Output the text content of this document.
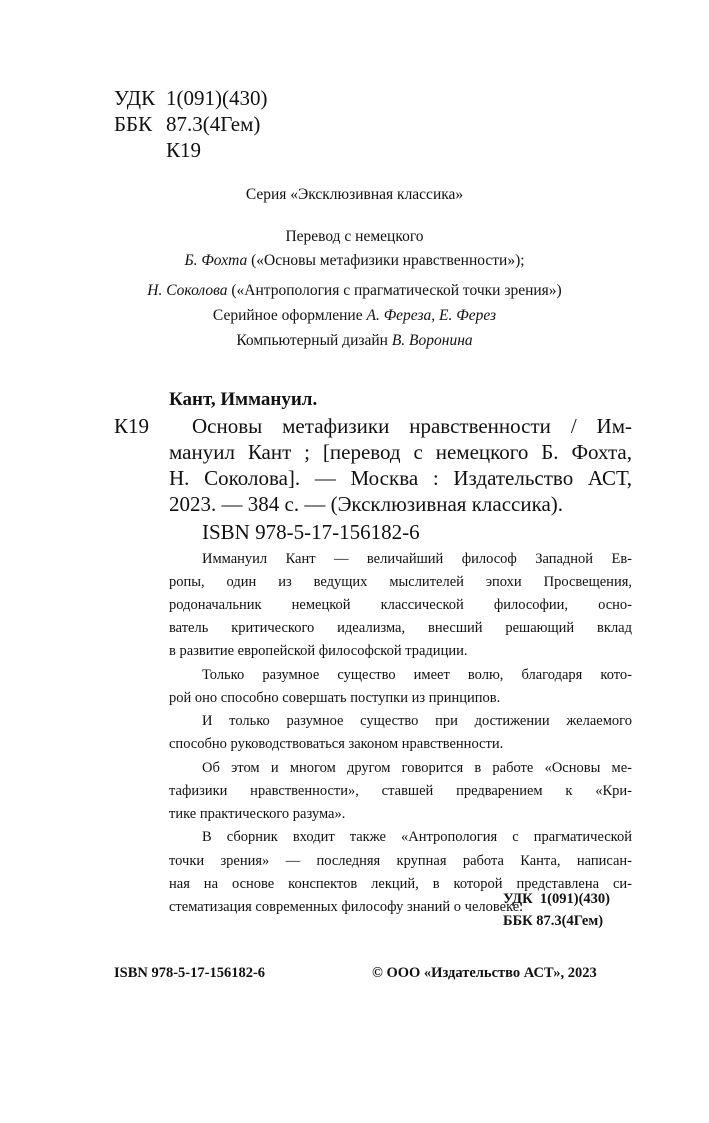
УДК 1(091)(430)
ББК 87.3(4Гем)
К19
Серия «Эксклюзивная классика»
Перевод с немецкого
Б. Фохта («Основы метафизики нравственности»);
Н. Соколова («Антропология с прагматической точки зрения»)
Серийное оформление А. Фереза, Е. Ферез
Компьютерный дизайн В. Воронина
Кант, Иммануил.
К19 Основы метафизики нравственности / Им-
мануил Кант ; [перевод с немецкого Б. Фохта,
Н. Соколова]. — Москва : Издательство АСТ,
2023. — 384 с. — (Эксклюзивная классика).
ISBN 978-5-17-156182-6
Иммануил Кант — величайший философ Западной Ев-
ропы, один из ведущих мыслителей эпохи Просвещения,
родоначальник немецкой классической философии, осно-
ватель критического идеализма, внесший решающий вклад
в развитие европейской философской традиции.
Только разумное существо имеет волю, благодаря кото-
рой оно способно совершать поступки из принципов.
И только разумное существо при достижении желаемого
способно руководствоваться законом нравственности.
Об этом и многом другом говорится в работе «Основы ме-
тафизики нравственности», ставшей предварением к «Кри-
тике практического разума».
В сборник входит также «Антропология с прагматической
точки зрения» — последняя крупная работа Канта, написан-
ная на основе конспектов лекций, в которой представлена си-
стематизация современных философу знаний о человеке.
УДК  1(091)(430)
ББК 87.3(4Гем)
ISBN 978-5-17-156182-6	© ООО «Издательство АСТ», 2023
